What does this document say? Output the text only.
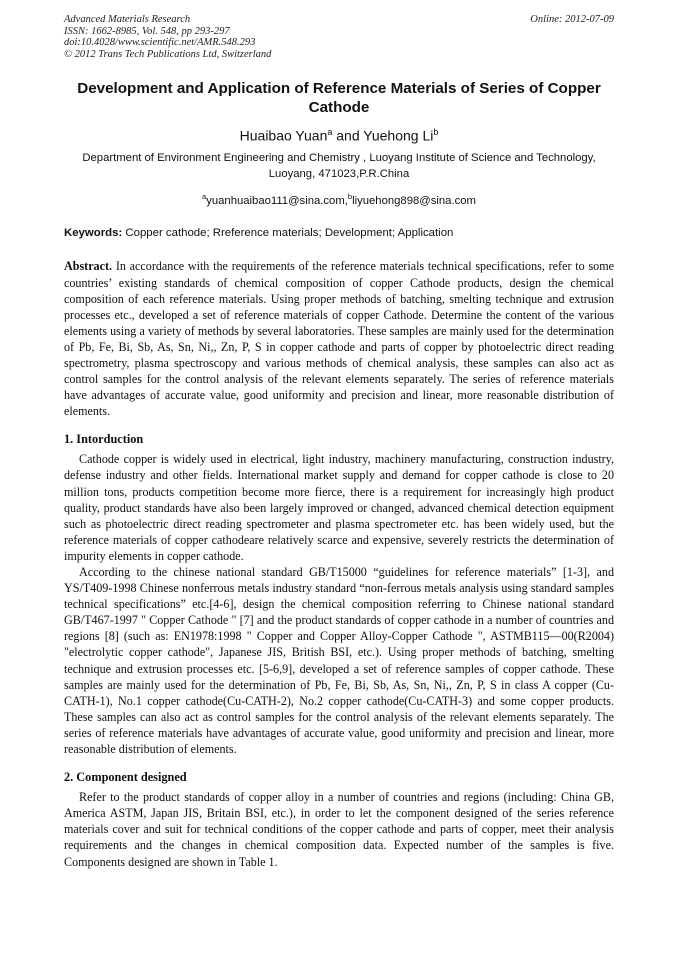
Advanced Materials Research
ISSN: 1662-8985, Vol. 548, pp 293-297
doi:10.4028/www.scientific.net/AMR.548.293
© 2012 Trans Tech Publications Ltd, Switzerland
Online: 2012-07-09
Development and Application of Reference Materials of Series of Copper Cathode
Huaibao Yuan$^a$ and Yuehong Li$^b$
Department of Environment Engineering and Chemistry , Luoyang Institute of Science and Technology, Luoyang, 471023,P.R.China
$^a$yuanhuaibao111@sina.com,$^b$liyuehong898@sina.com
Keywords: Copper cathode; Rreference materials; Development; Application
Abstract. In accordance with the requirements of the reference materials technical specifications, refer to some countries’ existing standards of chemical composition of copper Cathode products, design the chemical composition of each reference materials. Using proper methods of batching, smelting technique and extrusion processes etc., developed a set of reference materials of copper Cathode. Determine the content of the various elements using a variety of methods by several laboratories. These samples are mainly used for the determination of Pb, Fe, Bi, Sb, As, Sn, Ni,, Zn, P, S in copper cathode and parts of copper by photoelectric direct reading spectrometry, plasma spectroscopy and various methods of chemical analysis, these samples can also act as control samples for the control analysis of the relevant elements separately. The series of reference materials have advantages of accurate value, good uniformity and precision and linear, more reasonable distribution of elements.
1. Intorduction

Cathode copper is widely used in electrical, light industry, machinery manufacturing, construction industry, defense industry and other fields. International market supply and demand for copper cathode is close to 20 million tons, products competition become more fierce, there is a requirement for increasingly high product quality, product standards have also been largely improved or changed, advanced chemical detection equipment such as photoelectric direct reading spectrometer and plasma spectrometer etc. has been widely used, but the reference materials of copper cathodeare relatively scarce and expensive, severely restricts the determination of impurity elements in copper cathode.

According to the chinese national standard GB/T15000 “guidelines for reference materials” [1-3], and YS/T409-1998 Chinese nonferrous metals industry standard “non-ferrous metals analysis using standard samples technical specifications” etc.[4-6], design the chemical composition referring to Chinese national standard GB/T467-1997 " Copper Cathode " [7] and the product standards of copper cathode in a number of countries and regions [8] (such as: EN1978:1998 " Copper and Copper Alloy-Copper Cathode ", ASTMB115—00(R2004) "electrolytic copper cathode", Japanese JIS, British BSI, etc.). Using proper methods of batching, smelting technique and extrusion processes etc. [5-6,9], developed a set of reference samples of copper cathode. These samples are mainly used for the determination of Pb, Fe, Bi, Sb, As, Sn, Ni,, Zn, P, S in class A copper (Cu-CATH-1), No.1 copper cathode(Cu-CATH-2), No.2 copper cathode(Cu-CATH-3) and some copper products. These samples can also act as control samples for the control analysis of the relevant elements separately. The series of reference materials have advantages of accurate value, good uniformity and precision and linear, more reasonable distribution of elements.

2. Component designed

Refer to the product standards of copper alloy in a number of countries and regions (including: China GB, America ASTM, Japan JIS, Britain BSI, etc.), in order to let the component designed of the series reference materials cover and suit for technical conditions of the copper cathode and parts of copper, meet their analysis requirements and the changes in chemical composition data. Expected number of the samples is five. Components designed are shown in Table 1.
